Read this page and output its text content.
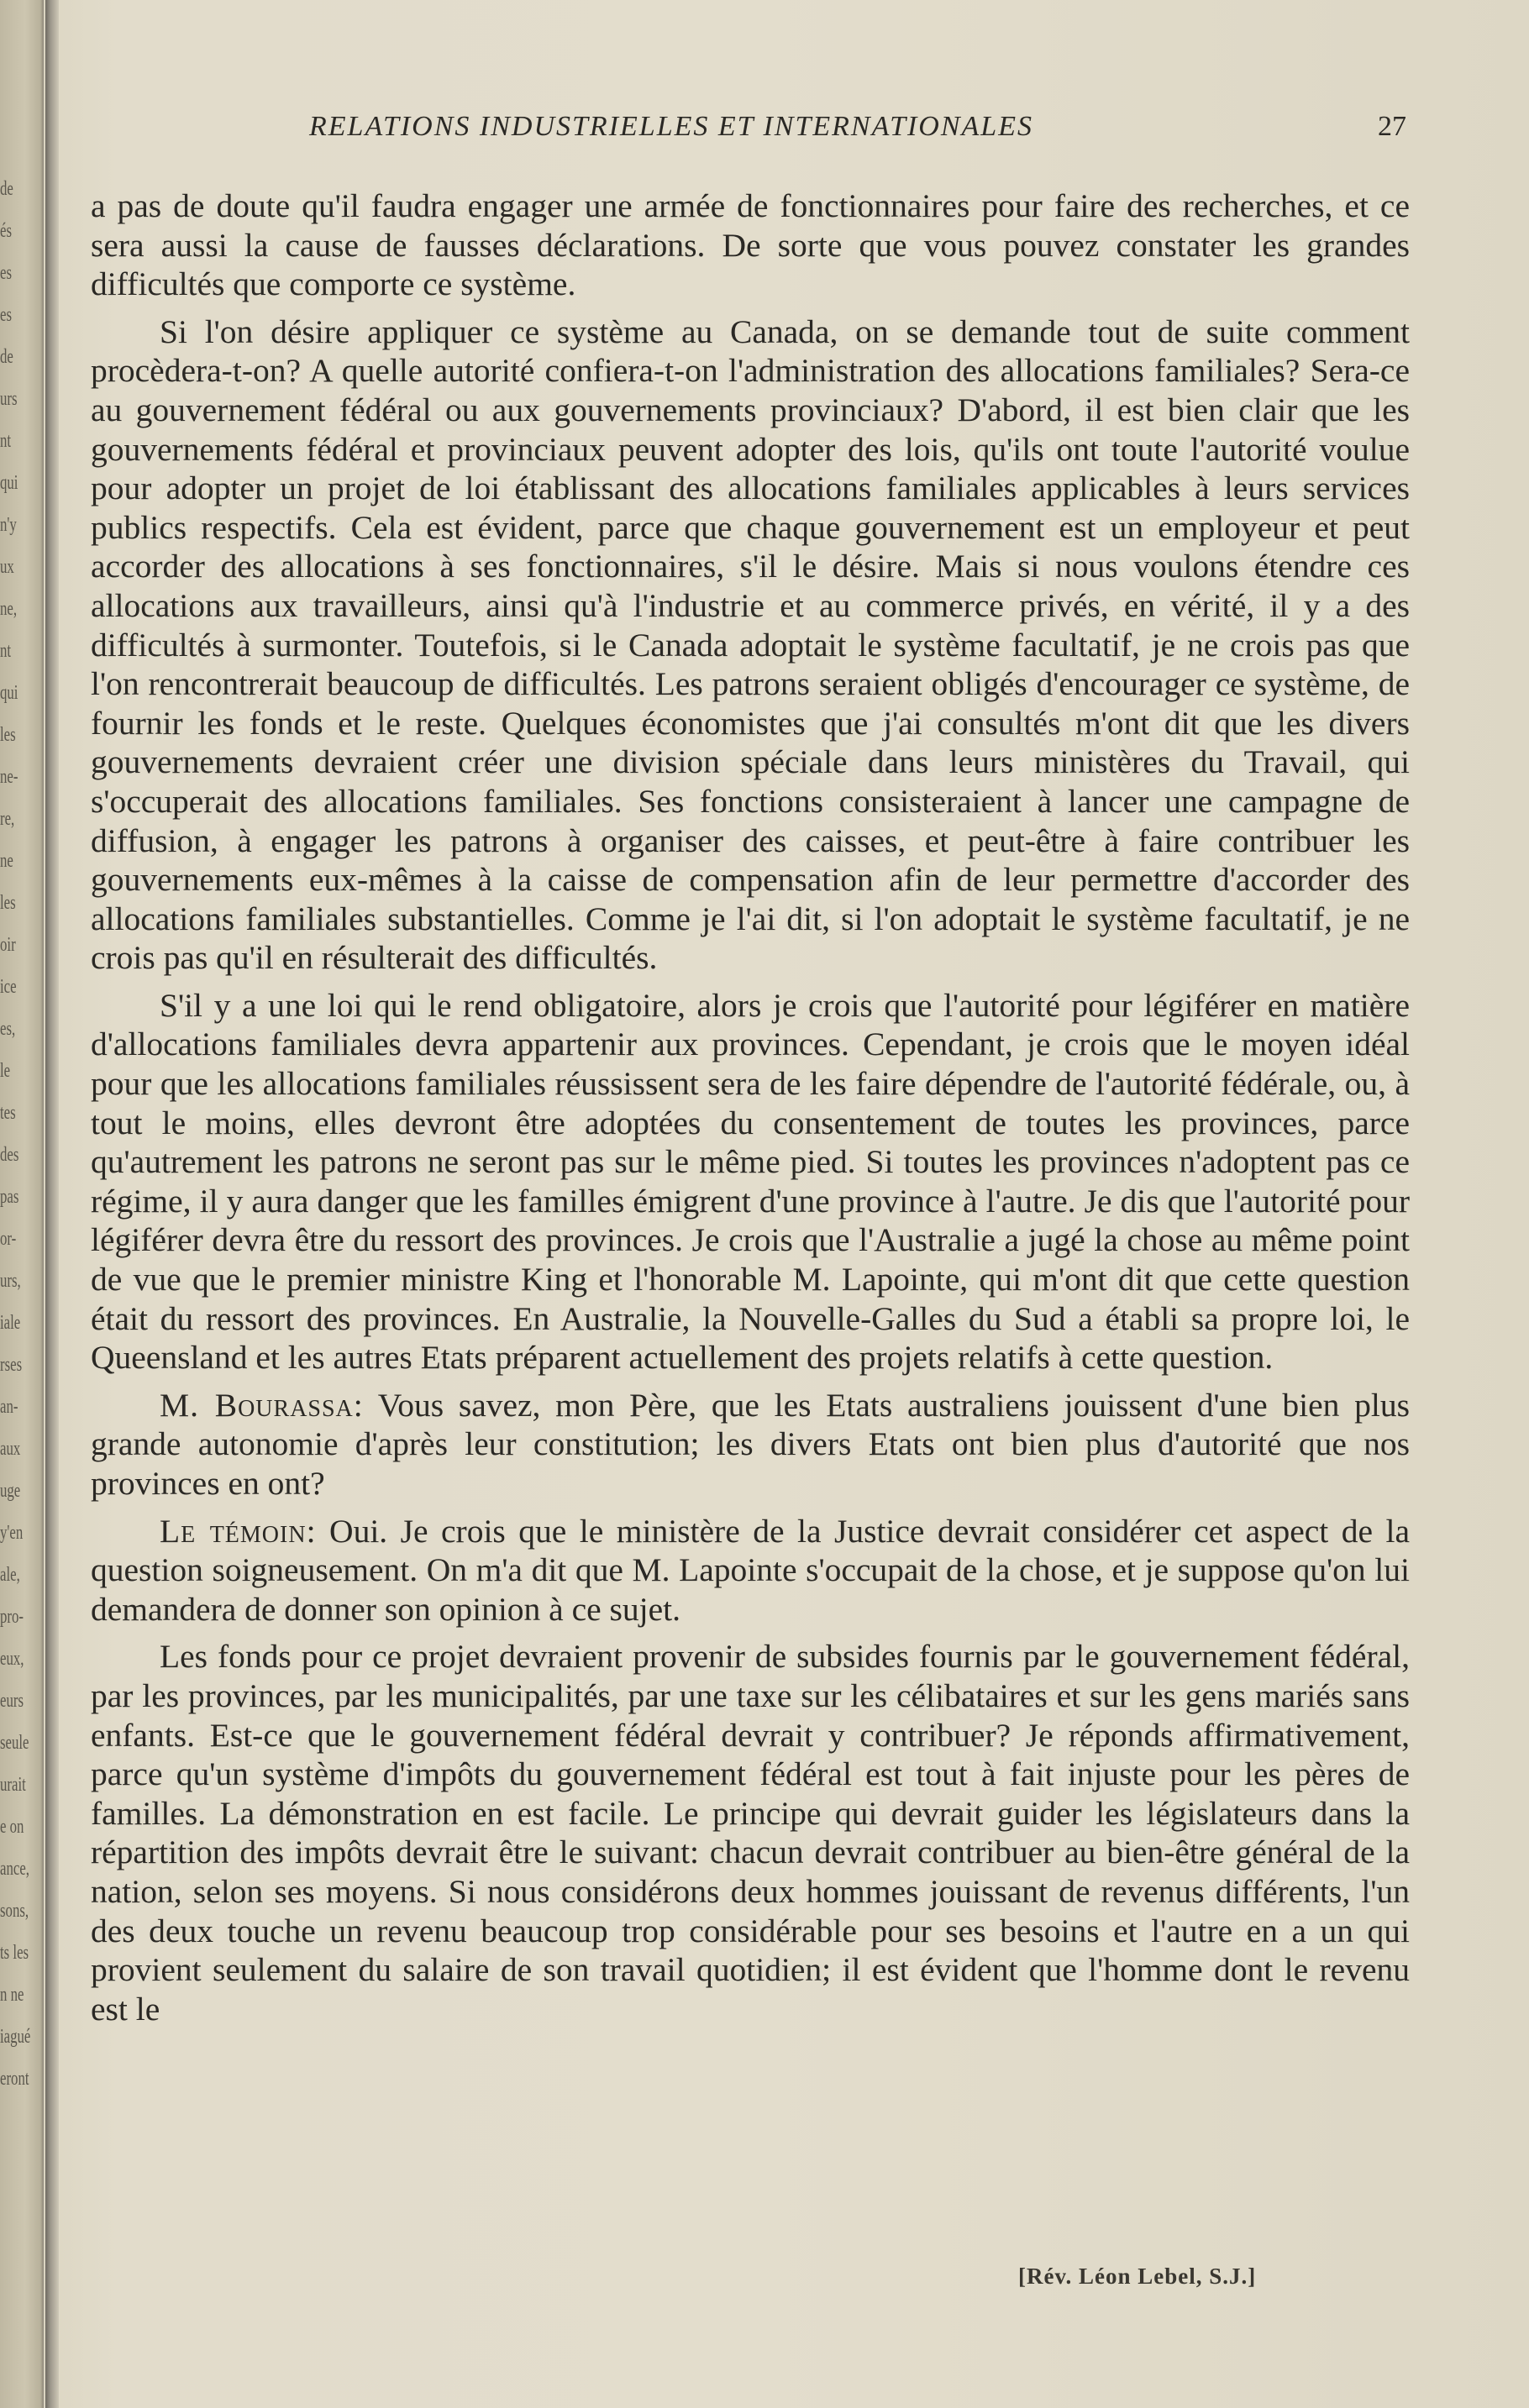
de
és
es
es
de
urs
nt
qui
n'y
ux
ne,
nt
qui
les
ne-
re,
ne
les
oir
ice
es,
le
tes
des
pas
or-
urs,
iale
rses
an-
aux
uge
y'en
ale,
pro-
eux,
eurs
seule
urait
e on
ance,
sons,
ts les
n ne
iagué
eront
RELATIONS INDUSTRIELLES ET INTERNATIONALES	27

a pas de doute qu'il faudra engager une armée de fonctionnaires pour faire des recherches, et ce sera aussi la cause de fausses déclarations. De sorte que vous pouvez constater les grandes difficultés que comporte ce système.

Si l'on désire appliquer ce système au Canada, on se demande tout de suite comment procèdera-t-on? A quelle autorité confiera-t-on l'administration des allocations familiales? Sera-ce au gouvernement fédéral ou aux gouvernements provinciaux? D'abord, il est bien clair que les gouvernements fédéral et provinciaux peuvent adopter des lois, qu'ils ont toute l'autorité voulue pour adopter un projet de loi établissant des allocations familiales applicables à leurs services publics respectifs. Cela est évident, parce que chaque gouvernement est un employeur et peut accorder des allocations à ses fonctionnaires, s'il le désire. Mais si nous voulons étendre ces allocations aux travailleurs, ainsi qu'à l'industrie et au commerce privés, en vérité, il y a des difficultés à surmonter. Toutefois, si le Canada adoptait le système facultatif, je ne crois pas que l'on rencontrerait beaucoup de difficultés. Les patrons seraient obligés d'encourager ce système, de fournir les fonds et le reste. Quelques économistes que j'ai consultés m'ont dit que les divers gouvernements devraient créer une division spéciale dans leurs ministères du Travail, qui s'occuperait des allocations familiales. Ses fonctions consisteraient à lancer une campagne de diffusion, à engager les patrons à organiser des caisses, et peut-être à faire contribuer les gouvernements eux-mêmes à la caisse de compensation afin de leur permettre d'accorder des allocations familiales substantielles. Comme je l'ai dit, si l'on adoptait le système facultatif, je ne crois pas qu'il en résulterait des difficultés.

S'il y a une loi qui le rend obligatoire, alors je crois que l'autorité pour légiférer en matière d'allocations familiales devra appartenir aux provinces. Cependant, je crois que le moyen idéal pour que les allocations familiales réussissent sera de les faire dépendre de l'autorité fédérale, ou, à tout le moins, elles devront être adoptées du consentement de toutes les provinces, parce qu'autrement les patrons ne seront pas sur le même pied. Si toutes les provinces n'adoptent pas ce régime, il y aura danger que les familles émigrent d'une province à l'autre. Je dis que l'autorité pour légiférer devra être du ressort des provinces. Je crois que l'Australie a jugé la chose au même point de vue que le premier ministre King et l'honorable M. Lapointe, qui m'ont dit que cette question était du ressort des provinces. En Australie, la Nouvelle-Galles du Sud a établi sa propre loi, le Queensland et les autres Etats préparent actuellement des projets relatifs à cette question.

M. Bourassa: Vous savez, mon Père, que les Etats australiens jouissent d'une bien plus grande autonomie d'après leur constitution; les divers Etats ont bien plus d'autorité que nos provinces en ont?

Le témoin: Oui. Je crois que le ministère de la Justice devrait considérer cet aspect de la question soigneusement. On m'a dit que M. Lapointe s'occupait de la chose, et je suppose qu'on lui demandera de donner son opinion à ce sujet.

Les fonds pour ce projet devraient provenir de subsides fournis par le gouvernement fédéral, par les provinces, par les municipalités, par une taxe sur les célibataires et sur les gens mariés sans enfants. Est-ce que le gouvernement fédéral devrait y contribuer? Je réponds affirmativement, parce qu'un système d'impôts du gouvernement fédéral est tout à fait injuste pour les pères de familles. La démonstration en est facile. Le principe qui devrait guider les législateurs dans la répartition des impôts devrait être le suivant: chacun devrait contribuer au bien-être général de la nation, selon ses moyens. Si nous considérons deux hommes jouissant de revenus différents, l'un des deux touche un revenu beaucoup trop considérable pour ses besoins et l'autre en a un qui provient seulement du salaire de son travail quotidien; il est évident que l'homme dont le revenu est le

[Rév. Léon Lebel, S.J.]
